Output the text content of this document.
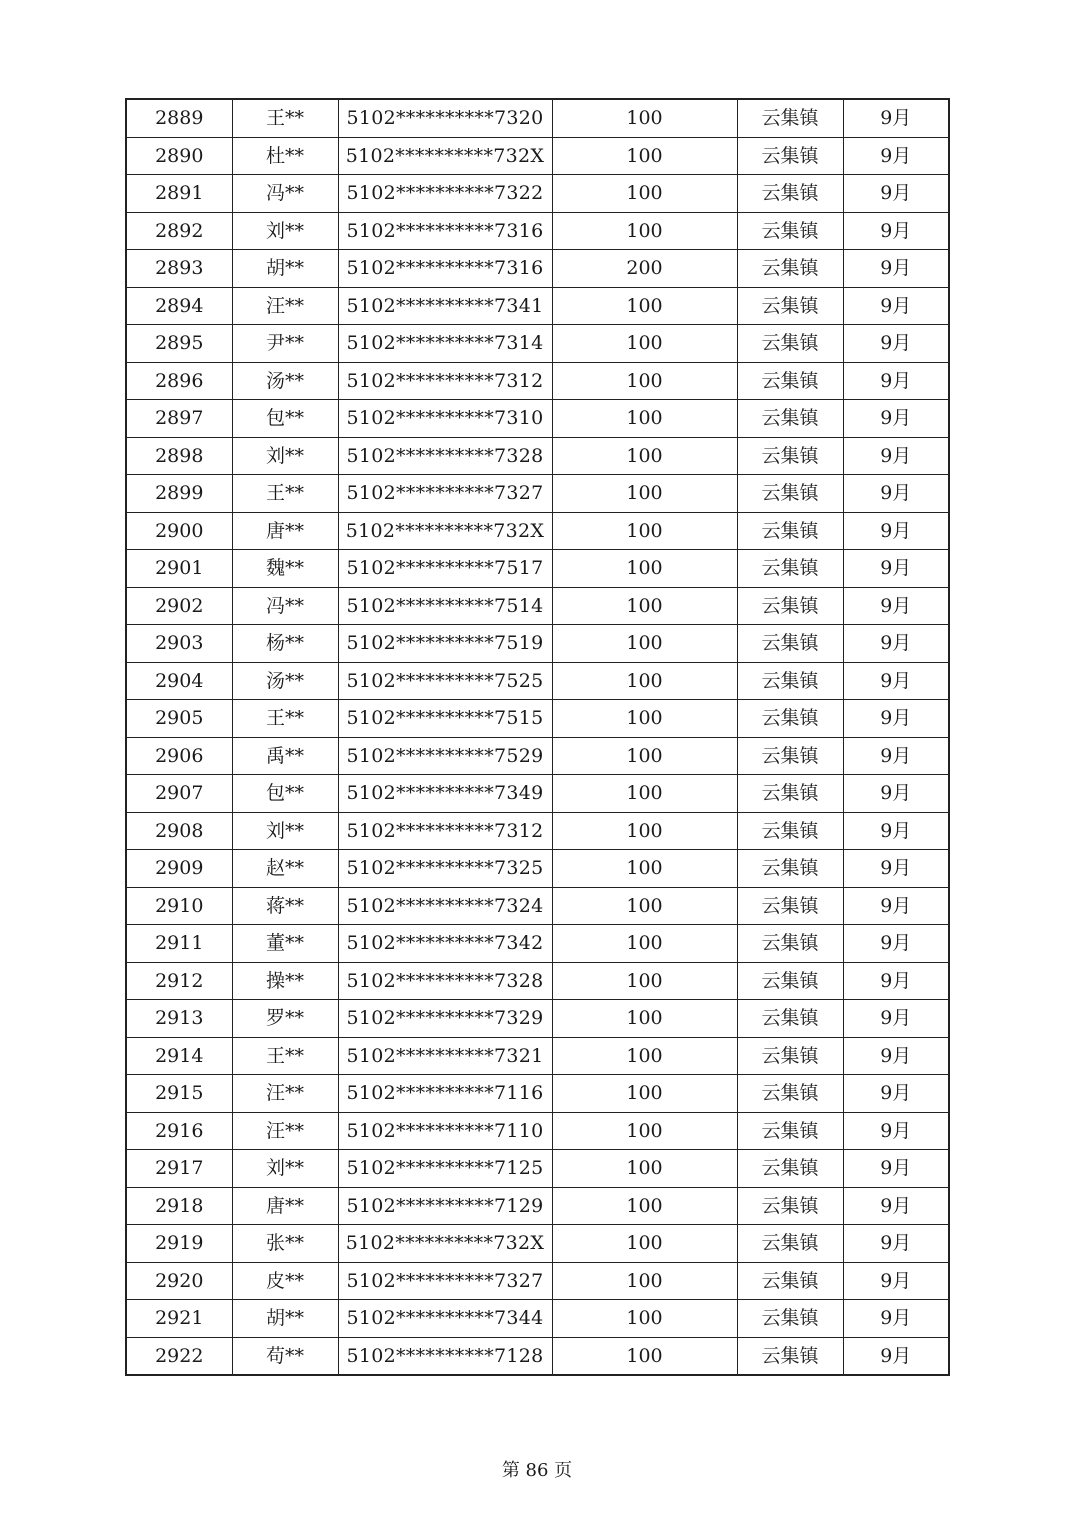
2889	王**	5102**********7320	100	云集镇	9月
2890	杜**	5102**********732X	100	云集镇	9月
2891	冯**	5102**********7322	100	云集镇	9月
2892	刘**	5102**********7316	100	云集镇	9月
2893	胡**	5102**********7316	200	云集镇	9月
2894	汪**	5102**********7341	100	云集镇	9月
2895	尹**	5102**********7314	100	云集镇	9月
2896	汤**	5102**********7312	100	云集镇	9月
2897	包**	5102**********7310	100	云集镇	9月
2898	刘**	5102**********7328	100	云集镇	9月
2899	王**	5102**********7327	100	云集镇	9月
2900	唐**	5102**********732X	100	云集镇	9月
2901	魏**	5102**********7517	100	云集镇	9月
2902	冯**	5102**********7514	100	云集镇	9月
2903	杨**	5102**********7519	100	云集镇	9月
2904	汤**	5102**********7525	100	云集镇	9月
2905	王**	5102**********7515	100	云集镇	9月
2906	禹**	5102**********7529	100	云集镇	9月
2907	包**	5102**********7349	100	云集镇	9月
2908	刘**	5102**********7312	100	云集镇	9月
2909	赵**	5102**********7325	100	云集镇	9月
2910	蒋**	5102**********7324	100	云集镇	9月
2911	董**	5102**********7342	100	云集镇	9月
2912	操**	5102**********7328	100	云集镇	9月
2913	罗**	5102**********7329	100	云集镇	9月
2914	王**	5102**********7321	100	云集镇	9月
2915	汪**	5102**********7116	100	云集镇	9月
2916	汪**	5102**********7110	100	云集镇	9月
2917	刘**	5102**********7125	100	云集镇	9月
2918	唐**	5102**********7129	100	云集镇	9月
2919	张**	5102**********732X	100	云集镇	9月
2920	皮**	5102**********7327	100	云集镇	9月
2921	胡**	5102**********7344	100	云集镇	9月
2922	苟**	5102**********7128	100	云集镇	9月
第 86 页
